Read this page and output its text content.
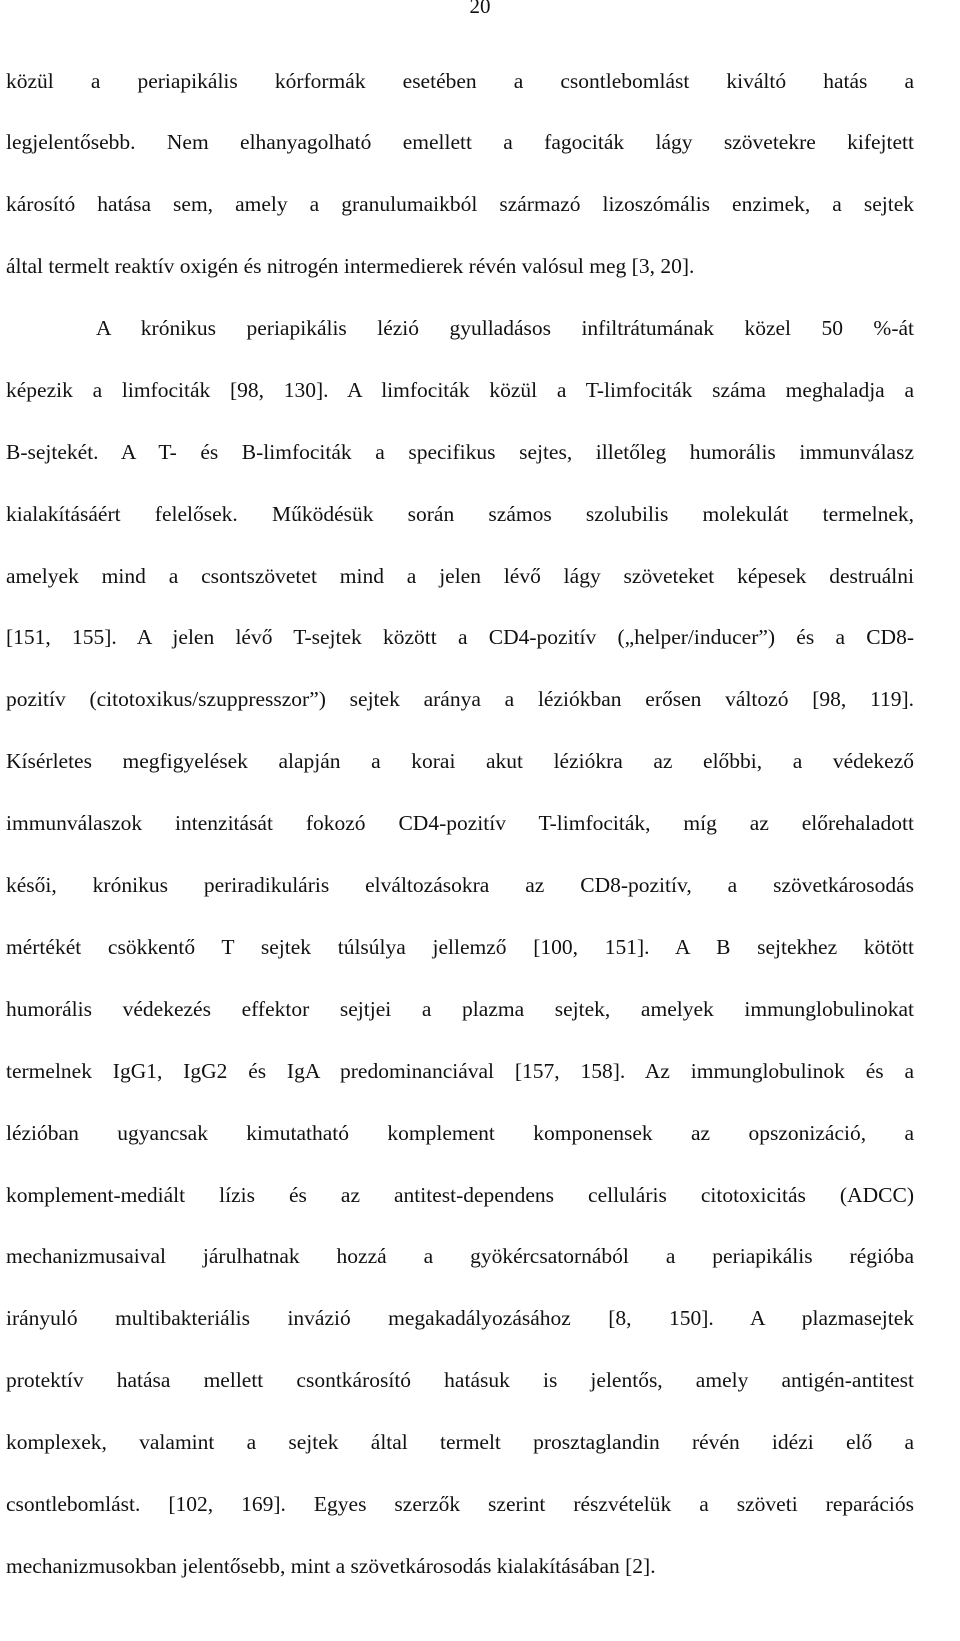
20
közül a periapikális kórformák esetében a csontlebomlást kiváltó hatás a
legjelentősebb. Nem elhanyagolható emellett a fagociták lágy szövetekre kifejtett
károsító hatása sem, amely a granulumaikból származó lizoszómális enzimek, a sejtek
által termelt reaktív oxigén és nitrogén intermedierek révén valósul meg [3, 20].
A krónikus periapikális lézió gyulladásos infiltrátumának közel 50 %-át
képezik a limfociták [98, 130]. A limfociták közül a T-limfociták száma meghaladja a
B-sejtekét. A T- és B-limfociták a specifikus sejtes, illetőleg humorális immunválasz
kialakításáért felelősek. Működésük során számos szolubilis molekulát termelnek,
amelyek mind a csontszövetet mind a jelen lévő lágy szöveteket képesek destruálni
[151, 155]. A jelen lévő T-sejtek között a CD4-pozitív („helper/inducer”) és a CD8-
pozitív (citotoxikus/szuppresszor”) sejtek aránya a léziókban erősen változó [98, 119].
Kísérletes megfigyelések alapján a korai akut léziókra az előbbi, a védekező
immunválaszok intenzitását fokozó CD4-pozitív T-limfociták, míg az előrehaladott
késői, krónikus periradikuláris elváltozásokra az CD8-pozitív, a szövetkárosodás
mértékét csökkentő T sejtek túlsúlya jellemző [100, 151]. A B sejtekhez kötött
humorális védekezés effektor sejtjei a plazma sejtek, amelyek immunglobulinokat
termelnek IgG1, IgG2 és IgA predominanciával [157, 158]. Az immunglobulinok és a
lézióban ugyancsak kimutatható komplement komponensek az opszonizáció, a
komplement-mediált lízis és az antitest-dependens celluláris citotoxicitás (ADCC)
mechanizmusaival járulhatnak hozzá a gyökércsatornából a periapikális régióba
irányuló multibakteriális invázió megakadályozásához [8, 150]. A plazmasejtek
protektív hatása mellett csontkárosító hatásuk is jelentős, amely antigén-antitest
komplexek, valamint a sejtek által termelt prosztaglandin révén idézi elő a
csontlebomlást. [102, 169]. Egyes szerzők szerint részvételük a szöveti reparációs
mechanizmusokban jelentősebb, mint a szövetkárosodás kialakításában [2].
